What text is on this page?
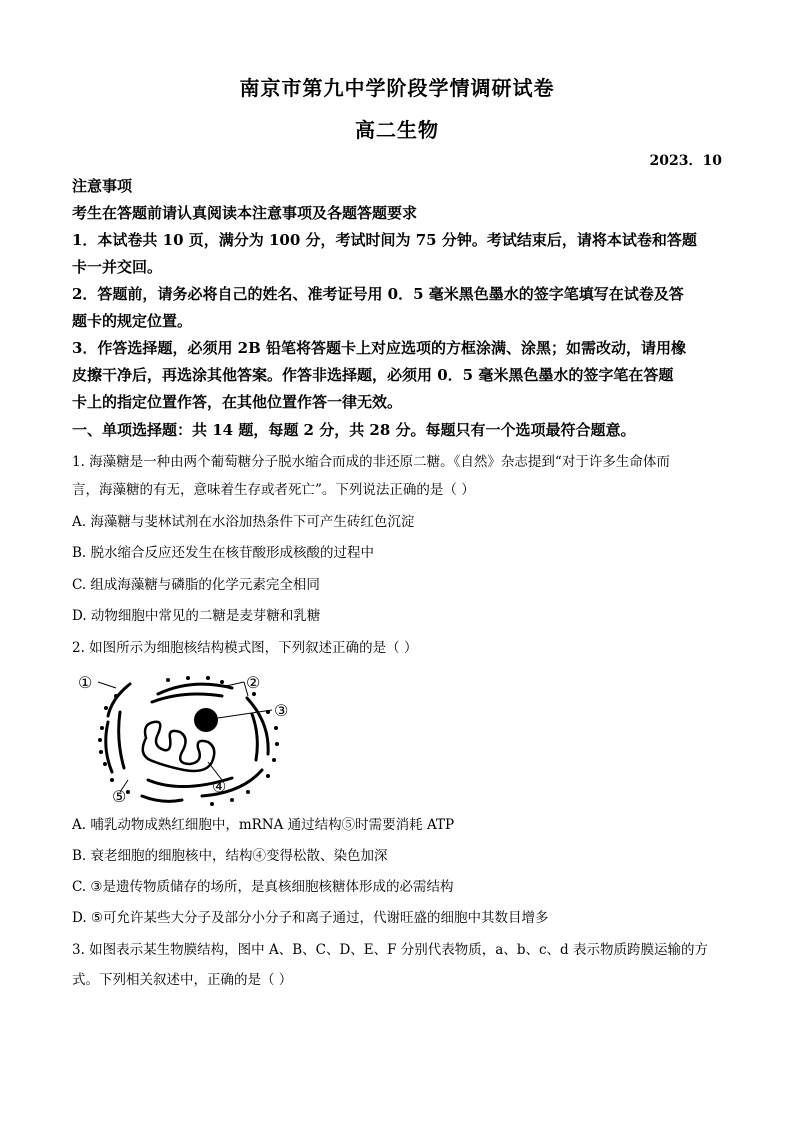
南京市第九中学阶段学情调研试卷
高二生物
2023．10
注意事项
考生在答题前请认真阅读本注意事项及各题答题要求
1．本试卷共 10 页，满分为 100 分，考试时间为 75 分钟。考试结束后，请将本试卷和答题
卡一并交回。
2．答题前，请务必将自己的姓名、准考证号用 0．5 毫米黑色墨水的签字笔填写在试卷及答
题卡的规定位置。
3．作答选择题，必须用 2B 铅笔将答题卡上对应选项的方框涂满、涂黑；如需改动，请用橡
皮擦干净后，再选涂其他答案。作答非选择题，必须用 0．5 毫米黑色墨水的签字笔在答题
卡上的指定位置作答，在其他位置作答一律无效。
一、单项选择题：共 14 题，每题 2 分，共 28 分。每题只有一个选项最符合题意。
1. 海藻糖是一种由两个葡萄糖分子脱水缩合而成的非还原二糖。《自然》杂志提到“对于许多生命体而
言，海藻糖的有无，意味着生存或者死亡”。下列说法正确的是（ ）
A. 海藻糖与斐林试剂在水浴加热条件下可产生砖红色沉淀
B. 脱水缩合反应还发生在核苷酸形成核酸的过程中
C. 组成海藻糖与磷脂的化学元素完全相同
D. 动物细胞中常见的二糖是麦芽糖和乳糖
2. 如图所示为细胞核结构模式图，下列叙述正确的是（ ）
①	②
③
④
⑤
A. 哺乳动物成熟红细胞中，mRNA 通过结构⑤时需要消耗 ATP
B. 衰老细胞的细胞核中，结构④变得松散、染色加深
C. ③是遗传物质储存的场所，是真核细胞核糖体形成的必需结构
D. ⑤可允许某些大分子及部分小分子和离子通过，代谢旺盛的细胞中其数目增多
3. 如图表示某生物膜结构，图中 A、B、C、D、E、F 分别代表物质，a、b、c、d 表示物质跨膜运输的方
式。下列相关叙述中，正确的是（ ）
